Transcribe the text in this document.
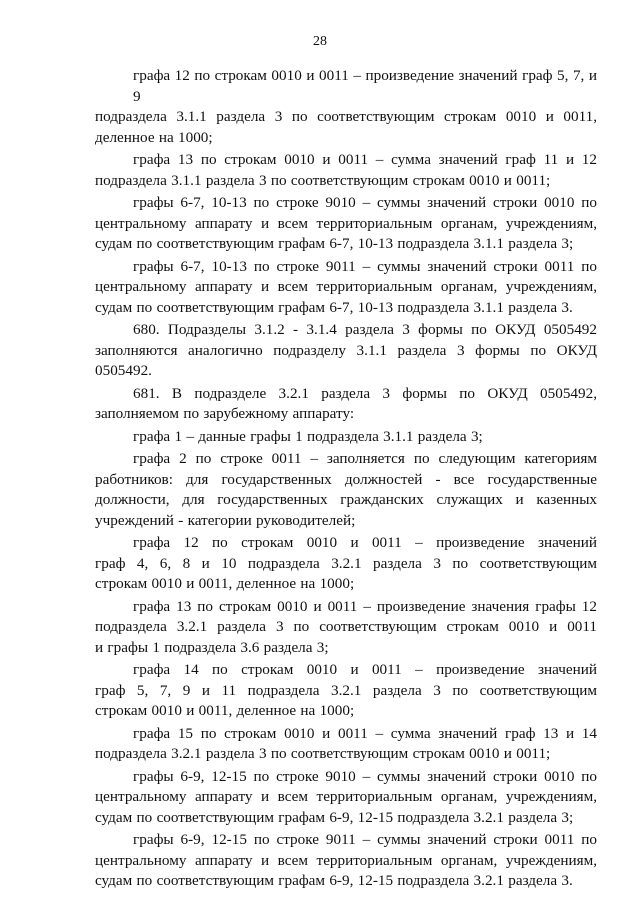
28
графа 12 по строкам 0010 и 0011 – произведение значений граф 5, 7, и 9
подраздела 3.1.1 раздела 3 по соответствующим строкам 0010 и 0011,
деленное на 1000;
графа 13 по строкам 0010 и 0011 – сумма значений граф 11 и 12
подраздела 3.1.1 раздела 3 по соответствующим строкам 0010 и 0011;
графы 6-7, 10-13 по строке 9010 – суммы значений строки 0010 по
центральному аппарату и всем территориальным органам, учреждениям,
судам по соответствующим графам 6-7, 10-13 подраздела 3.1.1 раздела 3;
графы 6-7, 10-13 по строке 9011 – суммы значений строки 0011 по
центральному аппарату и всем территориальным органам, учреждениям,
судам по соответствующим графам 6-7, 10-13 подраздела 3.1.1 раздела 3.
680. Подразделы 3.1.2 - 3.1.4 раздела 3 формы по ОКУД 0505492
заполняются аналогично подразделу 3.1.1 раздела 3 формы по ОКУД
0505492.
681. В подразделе 3.2.1 раздела 3 формы по ОКУД 0505492,
заполняемом по зарубежному аппарату:
графа 1 – данные графы 1 подраздела 3.1.1 раздела 3;
графа 2 по строке 0011 – заполняется по следующим категориям
работников: для государственных должностей - все государственные
должности, для государственных гражданских служащих и казенных
учреждений - категории руководителей;
графа 12 по строкам 0010 и 0011 – произведение значений
граф 4, 6, 8 и 10 подраздела 3.2.1 раздела 3 по соответствующим
строкам 0010 и 0011, деленное на 1000;
графа 13 по строкам 0010 и 0011 – произведение значения графы 12
подраздела 3.2.1 раздела 3 по соответствующим строкам 0010 и 0011
и графы 1 подраздела 3.6 раздела 3;
графа 14 по строкам 0010 и 0011 – произведение значений
граф 5, 7, 9 и 11 подраздела 3.2.1 раздела 3 по соответствующим
строкам 0010 и 0011, деленное на 1000;
графа 15 по строкам 0010 и 0011 – сумма значений граф 13 и 14
подраздела 3.2.1 раздела 3 по соответствующим строкам 0010 и 0011;
графы 6-9, 12-15 по строке 9010 – суммы значений строки 0010 по
центральному аппарату и всем территориальным органам, учреждениям,
судам по соответствующим графам 6-9, 12-15 подраздела 3.2.1 раздела 3;
графы 6-9, 12-15 по строке 9011 – суммы значений строки 0011 по
центральному аппарату и всем территориальным органам, учреждениям,
судам по соответствующим графам 6-9, 12-15 подраздела 3.2.1 раздела 3.
